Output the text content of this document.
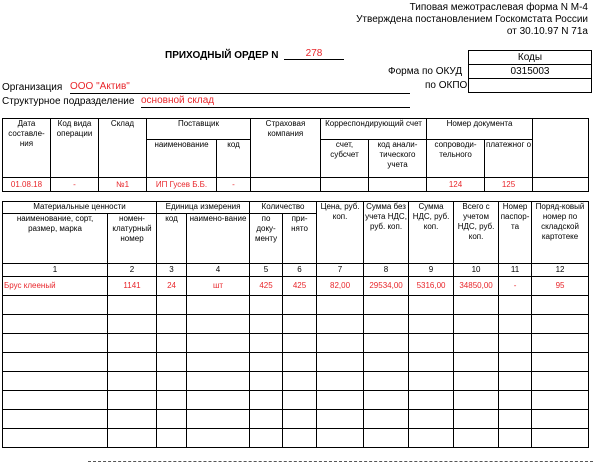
Типовая межотраслевая форма N М-4
Утверждена постановлением Госкомстата России
от 30.10.97 N 71а
Коды
0315003
Форма по ОКУД
по ОКПО
ПРИХОДНЫЙ ОРДЕР N	278
Организация ООО "Актив"
Структурное подразделение основной склад
Дата составле-ния	Код вида операции	Склад	Поставщик		Страховая компания	Корреспондирующий счет		Номер документа		
			наименование	код		счет, субсчет	код анали-тического учета	сопроводи-тельного	платежног о	
01.08.18	-	№1	ИП Гусев Б.Б.	-				124	125	
Материальные ценности		Единица измерения		Количество		Цена, руб. коп.	Сумма без учета НДС, руб. коп.	Сумма НДС, руб. коп.	Всего с учетом НДС, руб. коп.	Номер паспор-та	Поряд-ковый номер по складской картотеке
наименование, сорт, размер, марка	номен-клатурный номер	код	наимено-вание	по доку-менту	при-нято						
1	2	3	4	5	6	7	8	9	10	11	12
Брус клееный	1141	24	шт	425	425	82,00	29534,00	5316,00	34850,00	-	95
